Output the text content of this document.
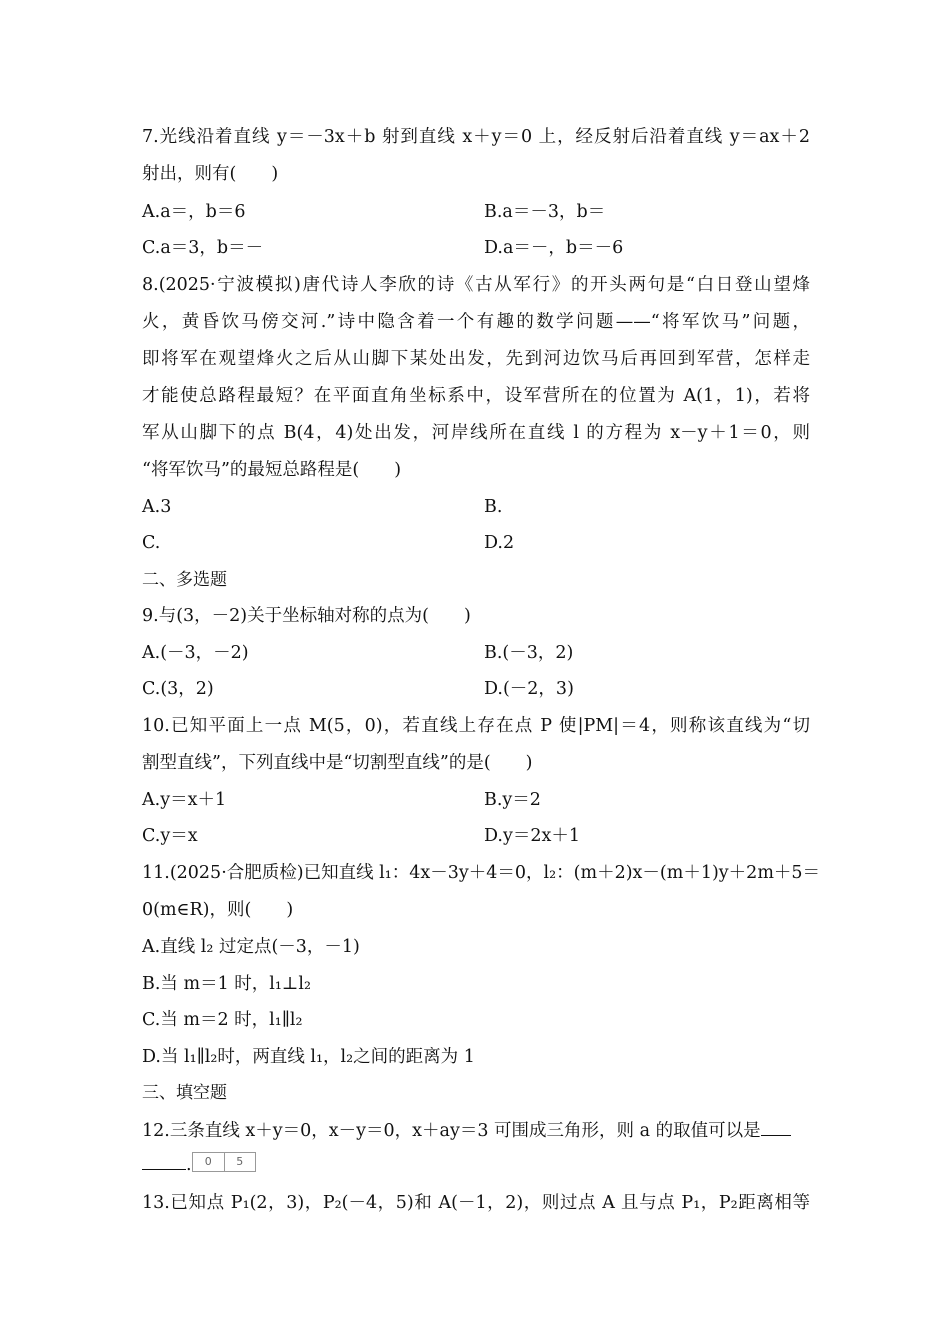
7.光线沿着直线 y＝－3x＋b 射到直线 x＋y＝0 上，经反射后沿着直线 y＝ax＋2
射出，则有(　　)
A.a＝，b＝6	B.a＝－3，b＝
C.a＝3，b＝－	D.a＝－，b＝－6
8.(2025·宁波模拟)唐代诗人李欣的诗《古从军行》的开头两句是“白日登山望烽
火，黄昏饮马傍交河.”诗中隐含着一个有趣的数学问题——“将军饮马”问题，
即将军在观望烽火之后从山脚下某处出发，先到河边饮马后再回到军营，怎样走
才能使总路程最短？在平面直角坐标系中，设军营所在的位置为 A(1，1)，若将
军从山脚下的点 B(4，4)处出发，河岸线所在直线 l 的方程为 x－y＋1＝0，则
“将军饮马”的最短总路程是(　　)
A.3	B.
C.	D.2
二、多选题
9.与(3，－2)关于坐标轴对称的点为(　　)
A.(－3，－2)	B.(－3，2)
C.(3，2)	D.(－2，3)
10.已知平面上一点 M(5，0)，若直线上存在点 P 使|PM|＝4，则称该直线为“切
割型直线”，下列直线中是“切割型直线”的是(　　)
A.y＝x＋1	B.y＝2
C.y＝x	D.y＝2x＋1
11.(2025·合肥质检)已知直线 l₁：4x－3y＋4＝0，l₂：(m＋2)x－(m＋1)y＋2m＋5＝
0(m∈R)，则(　　)
A.直线 l₂ 过定点(－3，－1)
B.当 m＝1 时，l₁⊥l₂
C.当 m＝2 时，l₁∥l₂
D.当 l₁∥l₂时，两直线 l₁，l₂之间的距离为 1
三、填空题
12.三条直线 x＋y＝0，x－y＝0，x＋ay＝3 可围成三角形，则 a 的取值可以是
.	0	5
13.已知点 P₁(2，3)，P₂(－4，5)和 A(－1，2)，则过点 A 且与点 P₁，P₂距离相等
